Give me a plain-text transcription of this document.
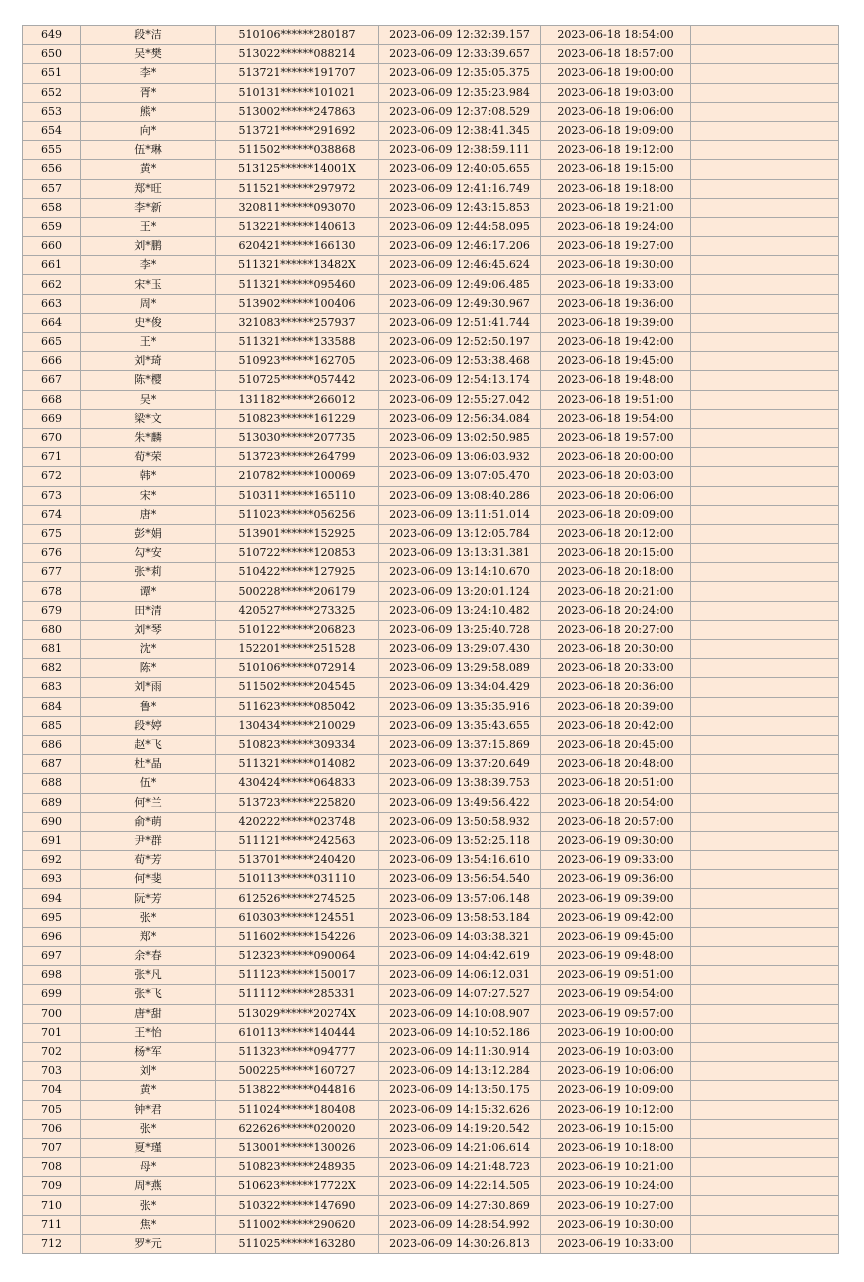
649	段*洁	510106******280187	2023-06-09 12:32:39.157	2023-06-18 18:54:00	
650	吴*樊	513022******088214	2023-06-09 12:33:39.657	2023-06-18 18:57:00	
651	李*	513721******191707	2023-06-09 12:35:05.375	2023-06-18 19:00:00	
652	胥*	510131******101021	2023-06-09 12:35:23.984	2023-06-18 19:03:00	
653	熊*	513002******247863	2023-06-09 12:37:08.529	2023-06-18 19:06:00	
654	向*	513721******291692	2023-06-09 12:38:41.345	2023-06-18 19:09:00	
655	伍*琳	511502******038868	2023-06-09 12:38:59.111	2023-06-18 19:12:00	
656	黄*	513125******14001X	2023-06-09 12:40:05.655	2023-06-18 19:15:00	
657	郑*旺	511521******297972	2023-06-09 12:41:16.749	2023-06-18 19:18:00	
658	李*新	320811******093070	2023-06-09 12:43:15.853	2023-06-18 19:21:00	
659	王*	513221******140613	2023-06-09 12:44:58.095	2023-06-18 19:24:00	
660	刘*鹏	620421******166130	2023-06-09 12:46:17.206	2023-06-18 19:27:00	
661	李*	511321******13482X	2023-06-09 12:46:45.624	2023-06-18 19:30:00	
662	宋*玉	511321******095460	2023-06-09 12:49:06.485	2023-06-18 19:33:00	
663	周*	513902******100406	2023-06-09 12:49:30.967	2023-06-18 19:36:00	
664	史*俊	321083******257937	2023-06-09 12:51:41.744	2023-06-18 19:39:00	
665	王*	511321******133588	2023-06-09 12:52:50.197	2023-06-18 19:42:00	
666	刘*琦	510923******162705	2023-06-09 12:53:38.468	2023-06-18 19:45:00	
667	陈*樱	510725******057442	2023-06-09 12:54:13.174	2023-06-18 19:48:00	
668	吴*	131182******266012	2023-06-09 12:55:27.042	2023-06-18 19:51:00	
669	梁*文	510823******161229	2023-06-09 12:56:34.084	2023-06-18 19:54:00	
670	朱*麟	513030******207735	2023-06-09 13:02:50.985	2023-06-18 19:57:00	
671	荀*荣	513723******264799	2023-06-09 13:06:03.932	2023-06-18 20:00:00	
672	韩*	210782******100069	2023-06-09 13:07:05.470	2023-06-18 20:03:00	
673	宋*	510311******165110	2023-06-09 13:08:40.286	2023-06-18 20:06:00	
674	唐*	511023******056256	2023-06-09 13:11:51.014	2023-06-18 20:09:00	
675	彭*娟	513901******152925	2023-06-09 13:12:05.784	2023-06-18 20:12:00	
676	勾*安	510722******120853	2023-06-09 13:13:31.381	2023-06-18 20:15:00	
677	张*莉	510422******127925	2023-06-09 13:14:10.670	2023-06-18 20:18:00	
678	谭*	500228******206179	2023-06-09 13:20:01.124	2023-06-18 20:21:00	
679	田*清	420527******273325	2023-06-09 13:24:10.482	2023-06-18 20:24:00	
680	刘*琴	510122******206823	2023-06-09 13:25:40.728	2023-06-18 20:27:00	
681	沈*	152201******251528	2023-06-09 13:29:07.430	2023-06-18 20:30:00	
682	陈*	510106******072914	2023-06-09 13:29:58.089	2023-06-18 20:33:00	
683	刘*雨	511502******204545	2023-06-09 13:34:04.429	2023-06-18 20:36:00	
684	鲁*	511623******085042	2023-06-09 13:35:35.916	2023-06-18 20:39:00	
685	段*婷	130434******210029	2023-06-09 13:35:43.655	2023-06-18 20:42:00	
686	赵*飞	510823******309334	2023-06-09 13:37:15.869	2023-06-18 20:45:00	
687	杜*晶	511321******014082	2023-06-09 13:37:20.649	2023-06-18 20:48:00	
688	伍*	430424******064833	2023-06-09 13:38:39.753	2023-06-18 20:51:00	
689	何*兰	513723******225820	2023-06-09 13:49:56.422	2023-06-18 20:54:00	
690	俞*萌	420222******023748	2023-06-09 13:50:58.932	2023-06-18 20:57:00	
691	尹*群	511121******242563	2023-06-09 13:52:25.118	2023-06-19 09:30:00	
692	荀*芳	513701******240420	2023-06-09 13:54:16.610	2023-06-19 09:33:00	
693	何*斐	510113******031110	2023-06-09 13:56:54.540	2023-06-19 09:36:00	
694	阮*芳	612526******274525	2023-06-09 13:57:06.148	2023-06-19 09:39:00	
695	张*	610303******124551	2023-06-09 13:58:53.184	2023-06-19 09:42:00	
696	郑*	511602******154226	2023-06-09 14:03:38.321	2023-06-19 09:45:00	
697	余*春	512323******090064	2023-06-09 14:04:42.619	2023-06-19 09:48:00	
698	张*凡	511123******150017	2023-06-09 14:06:12.031	2023-06-19 09:51:00	
699	张*飞	511112******285331	2023-06-09 14:07:27.527	2023-06-19 09:54:00	
700	唐*甜	513029******20274X	2023-06-09 14:10:08.907	2023-06-19 09:57:00	
701	王*怡	610113******140444	2023-06-09 14:10:52.186	2023-06-19 10:00:00	
702	杨*军	511323******094777	2023-06-09 14:11:30.914	2023-06-19 10:03:00	
703	刘*	500225******160727	2023-06-09 14:13:12.284	2023-06-19 10:06:00	
704	黄*	513822******044816	2023-06-09 14:13:50.175	2023-06-19 10:09:00	
705	钟*君	511024******180408	2023-06-09 14:15:32.626	2023-06-19 10:12:00	
706	张*	622626******020020	2023-06-09 14:19:20.542	2023-06-19 10:15:00	
707	夏*瑾	513001******130026	2023-06-09 14:21:06.614	2023-06-19 10:18:00	
708	母*	510823******248935	2023-06-09 14:21:48.723	2023-06-19 10:21:00	
709	周*燕	510623******17722X	2023-06-09 14:22:14.505	2023-06-19 10:24:00	
710	张*	510322******147690	2023-06-09 14:27:30.869	2023-06-19 10:27:00	
711	焦*	511002******290620	2023-06-09 14:28:54.992	2023-06-19 10:30:00	
712	罗*元	511025******163280	2023-06-09 14:30:26.813	2023-06-19 10:33:00	
